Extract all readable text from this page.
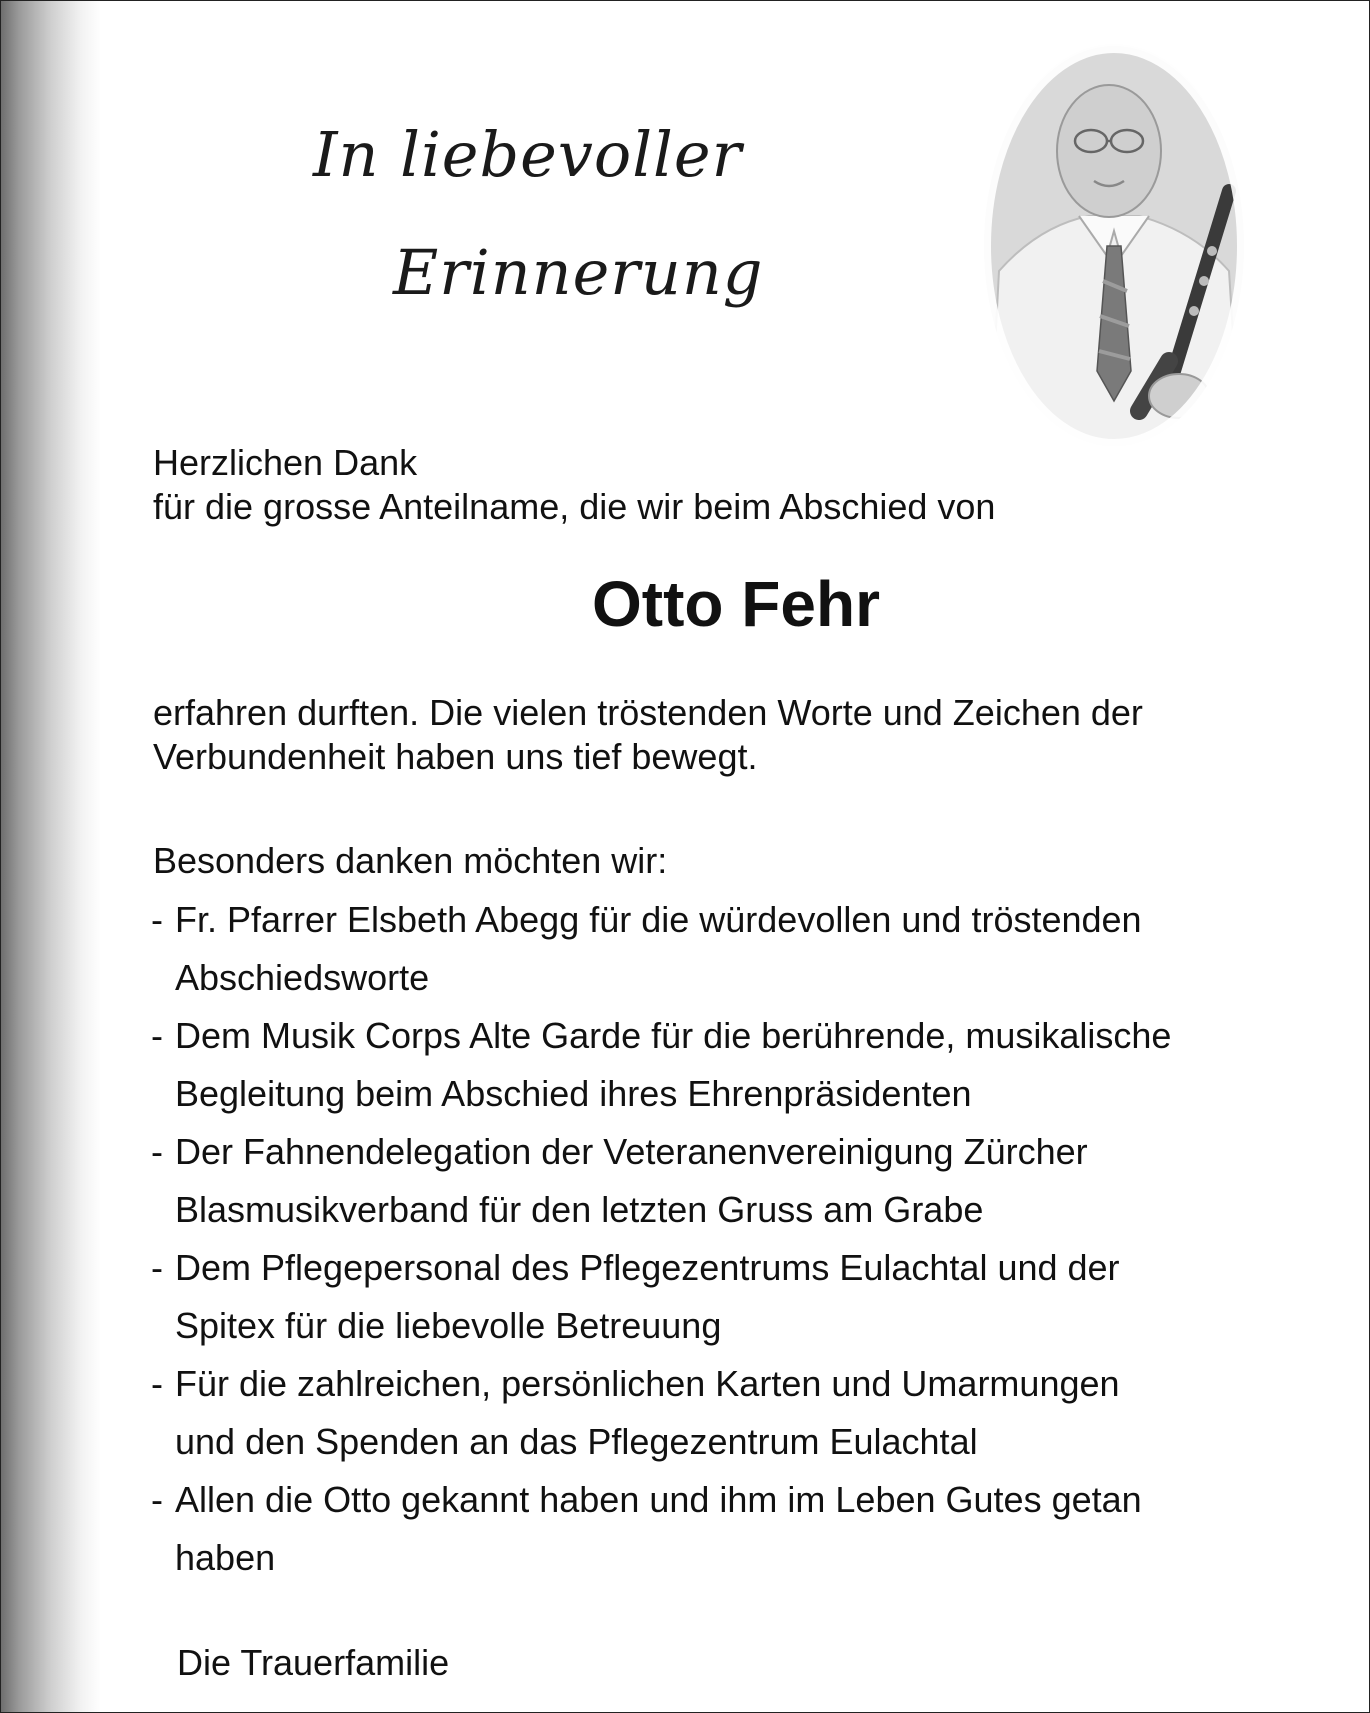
In liebevoller
Erinnerung
Herzlichen Dank
für die grosse Anteilname, die wir beim Abschied von
Otto Fehr
erfahren durften. Die vielen tröstenden Worte und Zeichen der
Verbundenheit haben uns tief bewegt.
Besonders danken möchten wir:
- Fr. Pfarrer Elsbeth Abegg für die würdevollen und tröstenden
Abschiedsworte
- Dem Musik Corps Alte Garde für die berührende, musikalische
Begleitung beim Abschied ihres Ehrenpräsidenten
- Der Fahnendelegation der Veteranenvereinigung Zürcher
Blasmusikverband für den letzten Gruss am Grabe
- Dem Pflegepersonal des Pflegezentrums Eulachtal und der
Spitex für die liebevolle Betreuung
- Für die zahlreichen, persönlichen Karten und Umarmungen
und den Spenden an das Pflegezentrum Eulachtal
- Allen die Otto gekannt haben und ihm im Leben Gutes getan
haben
Die Trauerfamilie
